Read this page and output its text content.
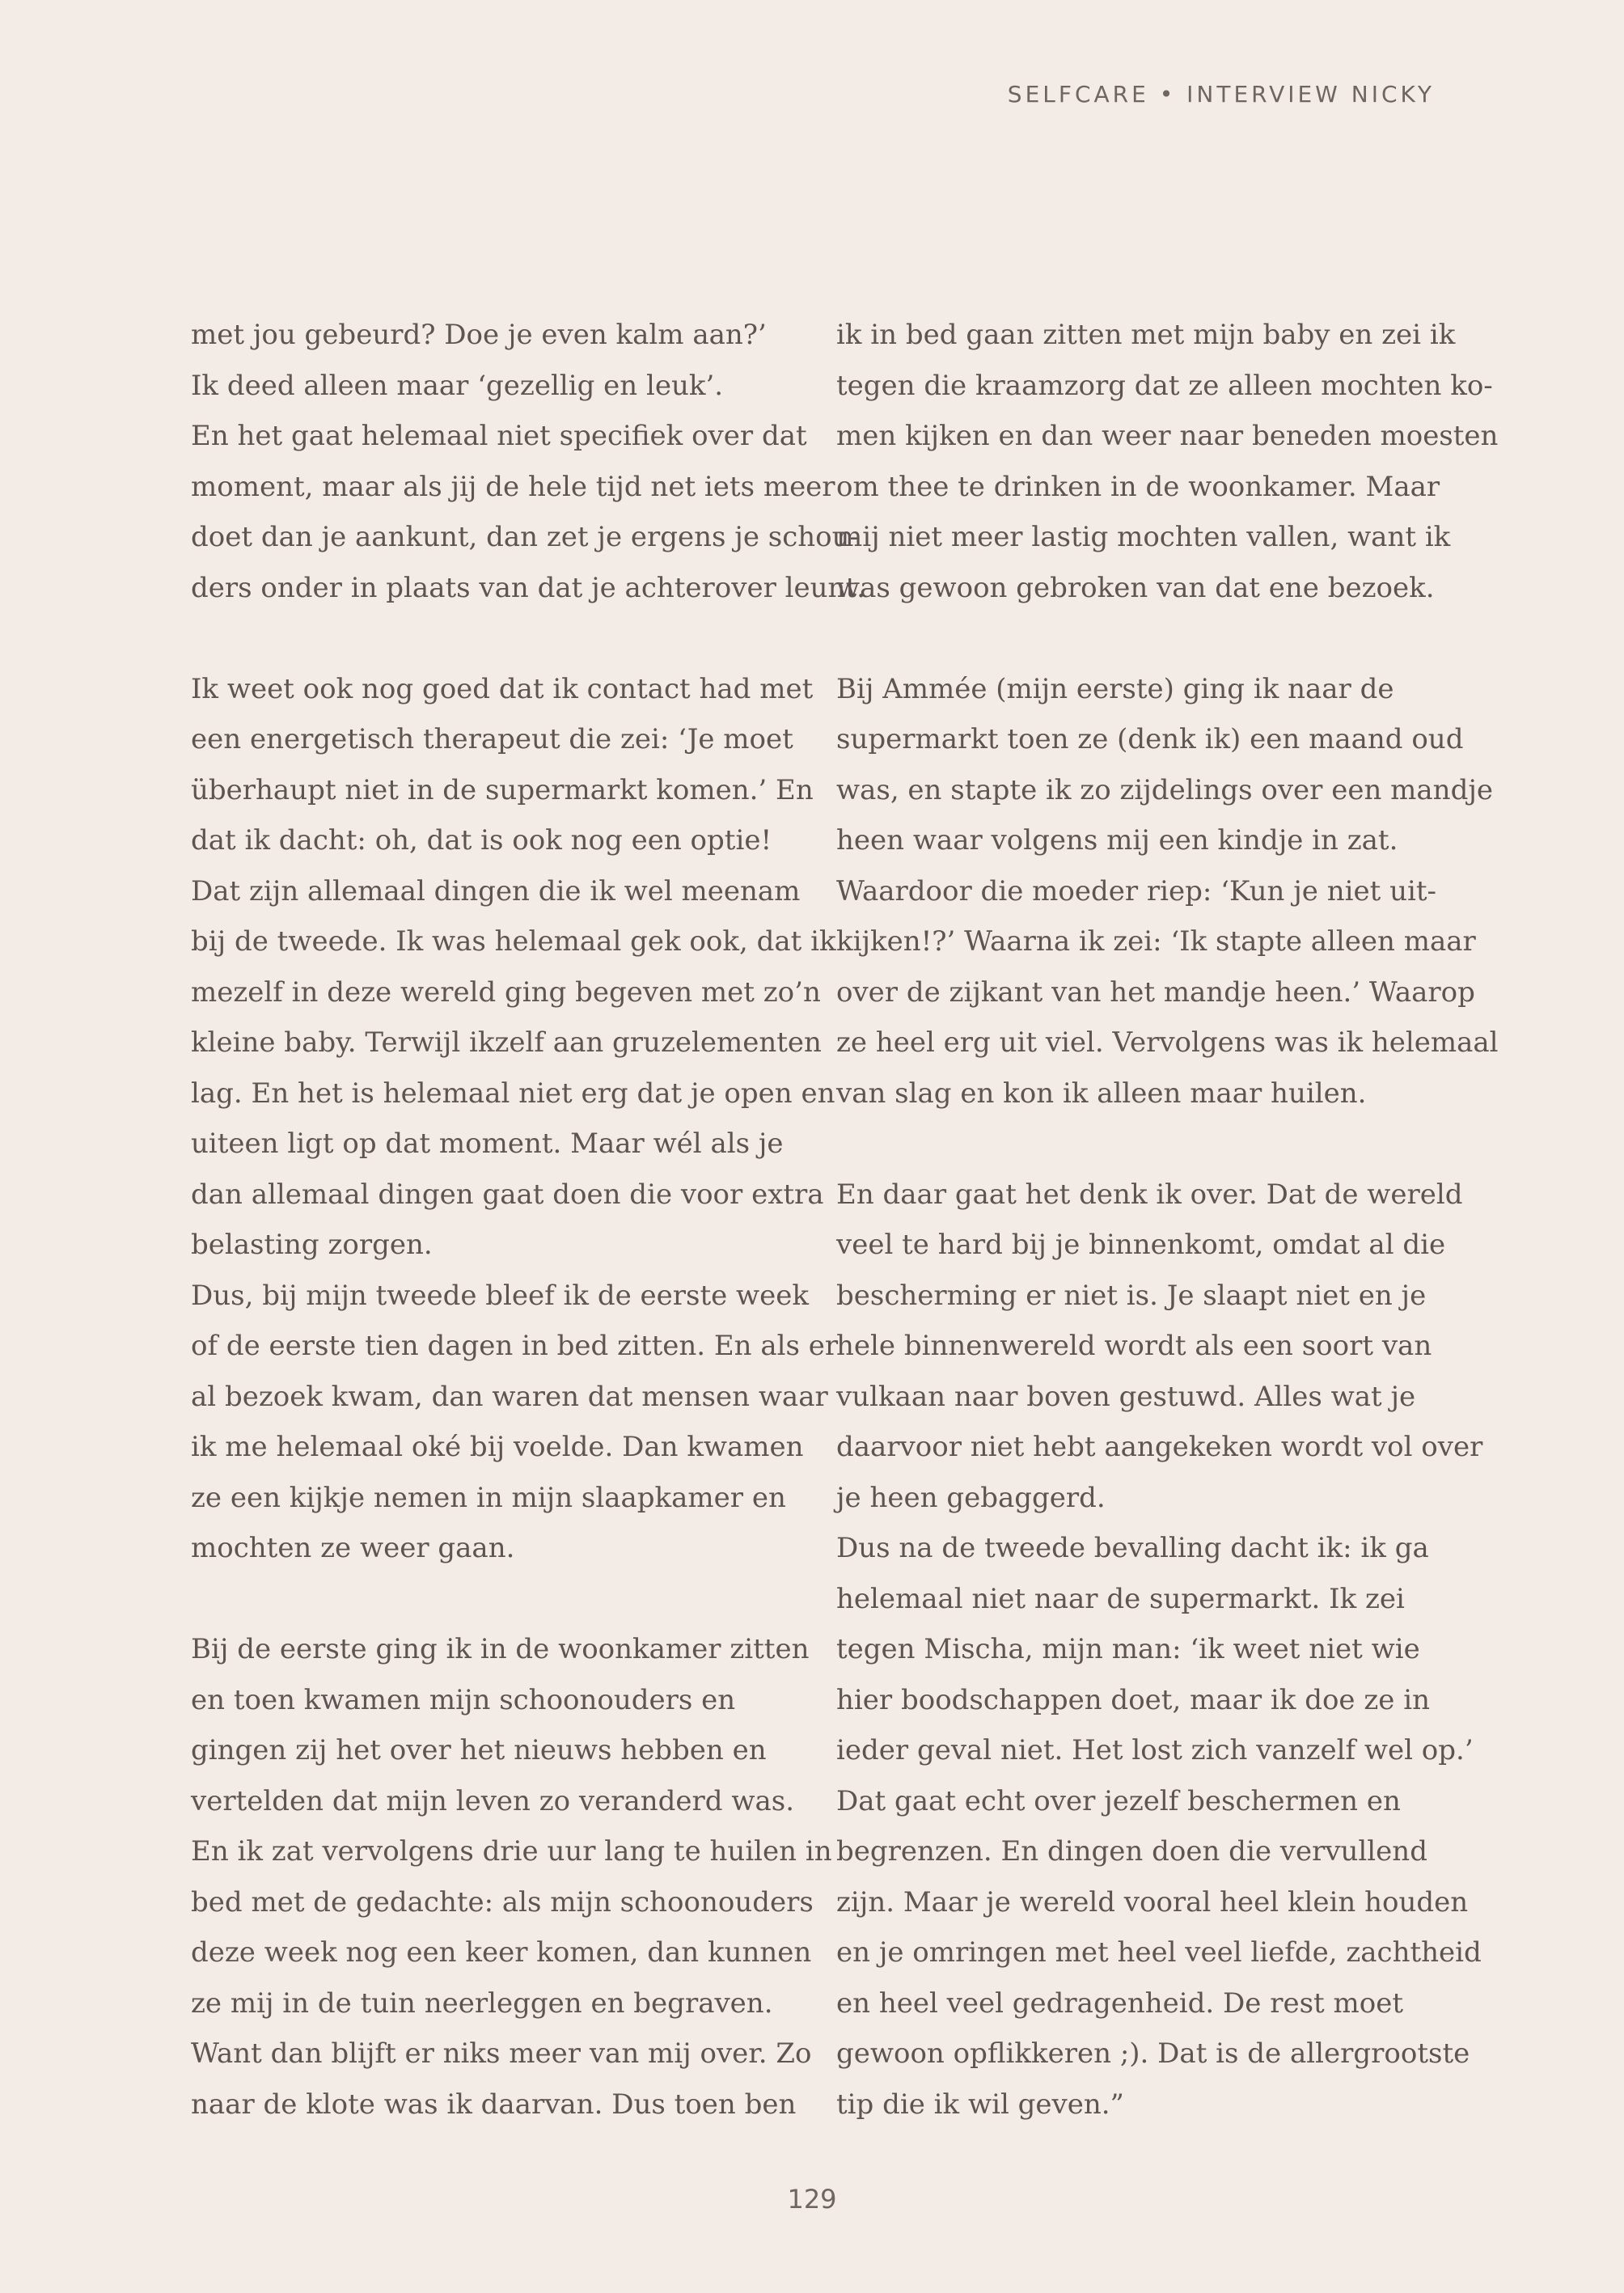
SELFCARE • INTERVIEW NICKY
met jou gebeurd? Doe je even kalm aan?’
Ik deed alleen maar ‘gezellig en leuk’.
En het gaat helemaal niet specifiek over dat
moment, maar als jij de hele tijd net iets meer
doet dan je aankunt, dan zet je ergens je schou-
ders onder in plaats van dat je achterover leunt.
Ik weet ook nog goed dat ik contact had met
een energetisch therapeut die zei: ‘Je moet
überhaupt niet in de supermarkt komen.’ En
dat ik dacht: oh, dat is ook nog een optie!
Dat zijn allemaal dingen die ik wel meenam
bij de tweede. Ik was helemaal gek ook, dat ik
mezelf in deze wereld ging begeven met zo’n
kleine baby. Terwijl ikzelf aan gruzelementen
lag. En het is helemaal niet erg dat je open en
uiteen ligt op dat moment. Maar wél als je
dan allemaal dingen gaat doen die voor extra
belasting zorgen.
Dus, bij mijn tweede bleef ik de eerste week
of de eerste tien dagen in bed zitten. En als er
al bezoek kwam, dan waren dat mensen waar
ik me helemaal oké bij voelde. Dan kwamen
ze een kijkje nemen in mijn slaapkamer en
mochten ze weer gaan.
Bij de eerste ging ik in de woonkamer zitten
en toen kwamen mijn schoonouders en
gingen zij het over het nieuws hebben en
vertelden dat mijn leven zo veranderd was.
En ik zat vervolgens drie uur lang te huilen in
bed met de gedachte: als mijn schoonouders
deze week nog een keer komen, dan kunnen
ze mij in de tuin neerleggen en begraven.
Want dan blijft er niks meer van mij over. Zo
naar de klote was ik daarvan. Dus toen ben
ik in bed gaan zitten met mijn baby en zei ik
tegen die kraamzorg dat ze alleen mochten ko-
men kijken en dan weer naar beneden moesten
om thee te drinken in de woonkamer. Maar
mij niet meer lastig mochten vallen, want ik
was gewoon gebroken van dat ene bezoek.
Bij Ammée (mijn eerste) ging ik naar de
supermarkt toen ze (denk ik) een maand oud
was, en stapte ik zo zijdelings over een mandje
heen waar volgens mij een kindje in zat.
Waardoor die moeder riep: ‘Kun je niet uit-
kijken!?’ Waarna ik zei: ‘Ik stapte alleen maar
over de zijkant van het mandje heen.’ Waarop
ze heel erg uit viel. Vervolgens was ik helemaal
van slag en kon ik alleen maar huilen.
En daar gaat het denk ik over. Dat de wereld
veel te hard bij je binnenkomt, omdat al die
bescherming er niet is. Je slaapt niet en je
hele binnenwereld wordt als een soort van
vulkaan naar boven gestuwd. Alles wat je
daarvoor niet hebt aangekeken wordt vol over
je heen gebaggerd.
Dus na de tweede bevalling dacht ik: ik ga
helemaal niet naar de supermarkt. Ik zei
tegen Mischa, mijn man: ‘ik weet niet wie
hier boodschappen doet, maar ik doe ze in
ieder geval niet. Het lost zich vanzelf wel op.’
Dat gaat echt over jezelf beschermen en
begrenzen. En dingen doen die vervullend
zijn. Maar je wereld vooral heel klein houden
en je omringen met heel veel liefde, zachtheid
en heel veel gedragenheid. De rest moet
gewoon opflikkeren ;). Dat is de allergrootste
tip die ik wil geven.”
129
